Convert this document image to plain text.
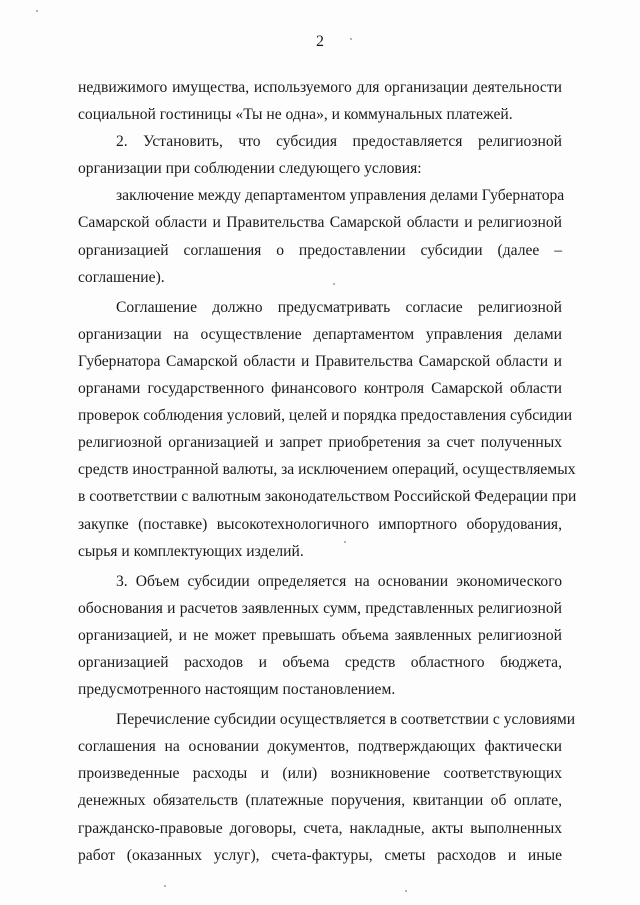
2
недвижимого имущества, используемого для организации деятельности
социальной гостиницы «Ты не одна», и коммунальных платежей.
2. Установить, что субсидия предоставляется религиозной
организации при соблюдении следующего условия:
заключение между департаментом управления делами Губернатора
Самарской области и Правительства Самарской области и религиозной
организацией соглашения о предоставлении субсидии (далее –
соглашение).
Соглашение должно предусматривать согласие религиозной
организации на осуществление департаментом управления делами
Губернатора Самарской области и Правительства Самарской области и
органами государственного финансового контроля Самарской области
проверок соблюдения условий, целей и порядка предоставления субсидии
религиозной организацией и запрет приобретения за счет полученных
средств иностранной валюты, за исключением операций, осуществляемых
в соответствии с валютным законодательством Российской Федерации при
закупке (поставке) высокотехнологичного импортного оборудования,
сырья и комплектующих изделий.
3. Объем субсидии определяется на основании экономического
обоснования и расчетов заявленных сумм, представленных религиозной
организацией, и не может превышать объема заявленных религиозной
организацией расходов и объема средств областного бюджета,
предусмотренного настоящим постановлением.
Перечисление субсидии осуществляется в соответствии с условиями
соглашения на основании документов, подтверждающих фактически
произведенные расходы и (или) возникновение соответствующих
денежных обязательств (платежные поручения, квитанции об оплате,
гражданско-правовые договоры, счета, накладные, акты выполненных
работ (оказанных услуг), счета-фактуры, сметы расходов и иные
